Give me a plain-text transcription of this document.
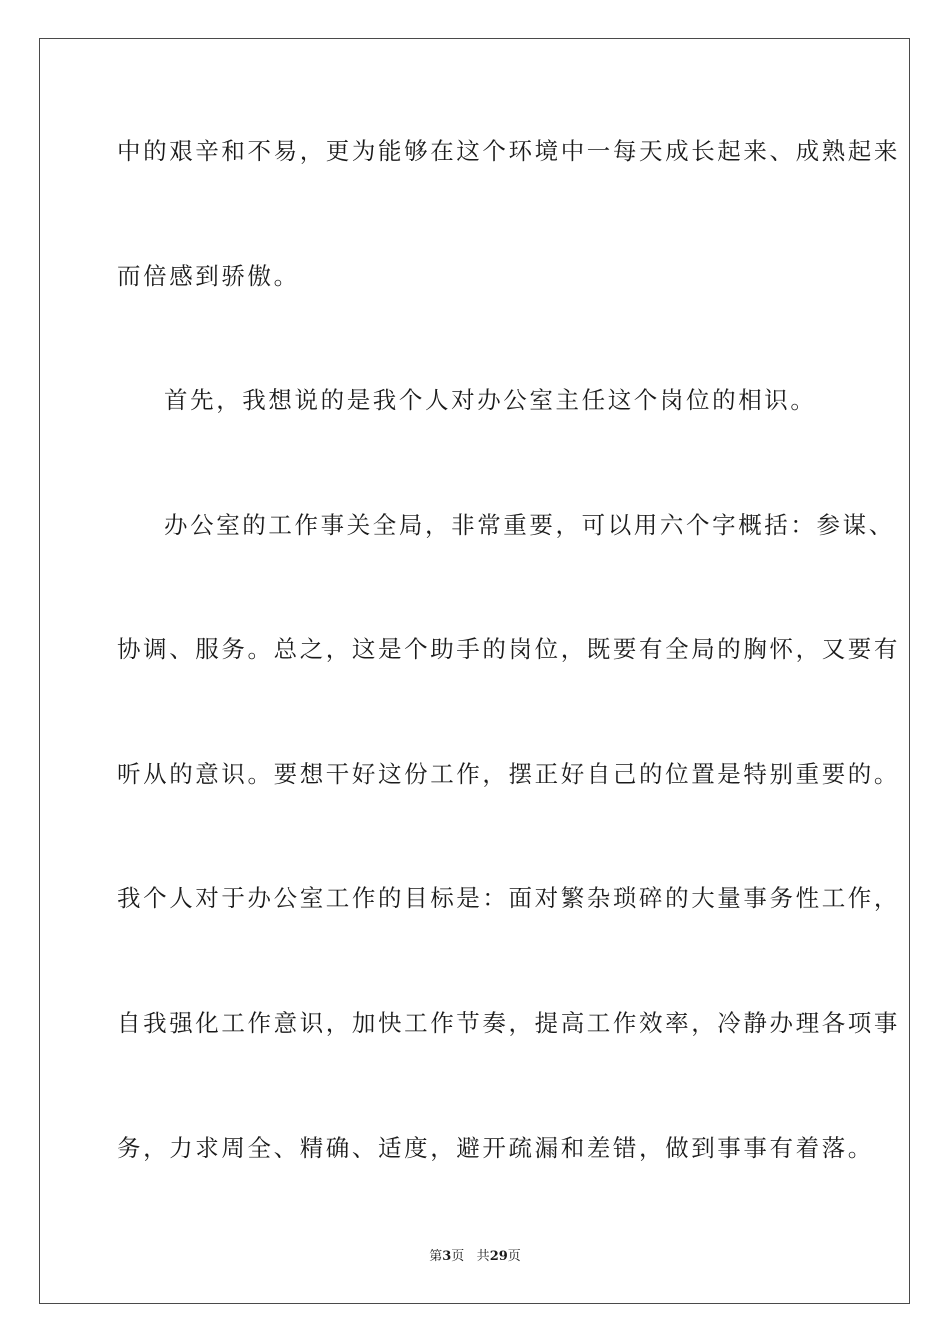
中的艰辛和不易，更为能够在这个环境中一每天成长起来、成熟起来
而倍感到骄傲。
首先，我想说的是我个人对办公室主任这个岗位的相识。
办公室的工作事关全局，非常重要，可以用六个字概括：参谋、
协调、服务。总之，这是个助手的岗位，既要有全局的胸怀，又要有
听从的意识。要想干好这份工作，摆正好自己的位置是特别重要的。
我个人对于办公室工作的目标是：面对繁杂琐碎的大量事务性工作，
自我强化工作意识，加快工作节奏，提高工作效率，冷静办理各项事
务，力求周全、精确、适度，避开疏漏和差错，做到事事有着落。
第3页 共29页
